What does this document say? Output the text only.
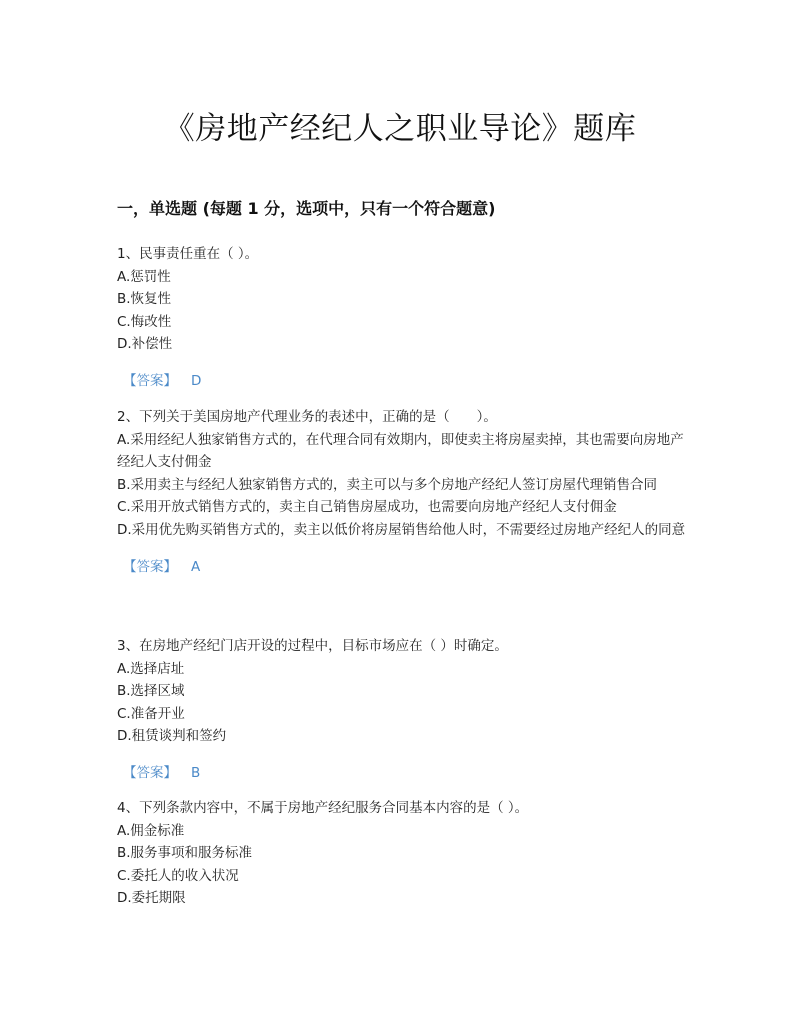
《房地产经纪人之职业导论》题库
一，单选题 (每题 1 分，选项中，只有一个符合题意)
1、民事责任重在（ ）。
A.惩罚性
B.恢复性
C.悔改性
D.补偿性
【答案】 D
2、下列关于美国房地产代理业务的表述中，正确的是（　　）。
A.采用经纪人独家销售方式的，在代理合同有效期内，即使卖主将房屋卖掉，其也需要向房地产经纪人支付佣金
B.采用卖主与经纪人独家销售方式的，卖主可以与多个房地产经纪人签订房屋代理销售合同
C.采用开放式销售方式的，卖主自己销售房屋成功，也需要向房地产经纪人支付佣金
D.采用优先购买销售方式的，卖主以低价将房屋销售给他人时，不需要经过房地产经纪人的同意
【答案】 A
3、在房地产经纪门店开设的过程中，目标市场应在（ ）时确定。
A.选择店址
B.选择区域
C.准备开业
D.租赁谈判和签约
【答案】 B
4、下列条款内容中，不属于房地产经纪服务合同基本内容的是（ ）。
A.佣金标准
B.服务事项和服务标准
C.委托人的收入状况
D.委托期限
